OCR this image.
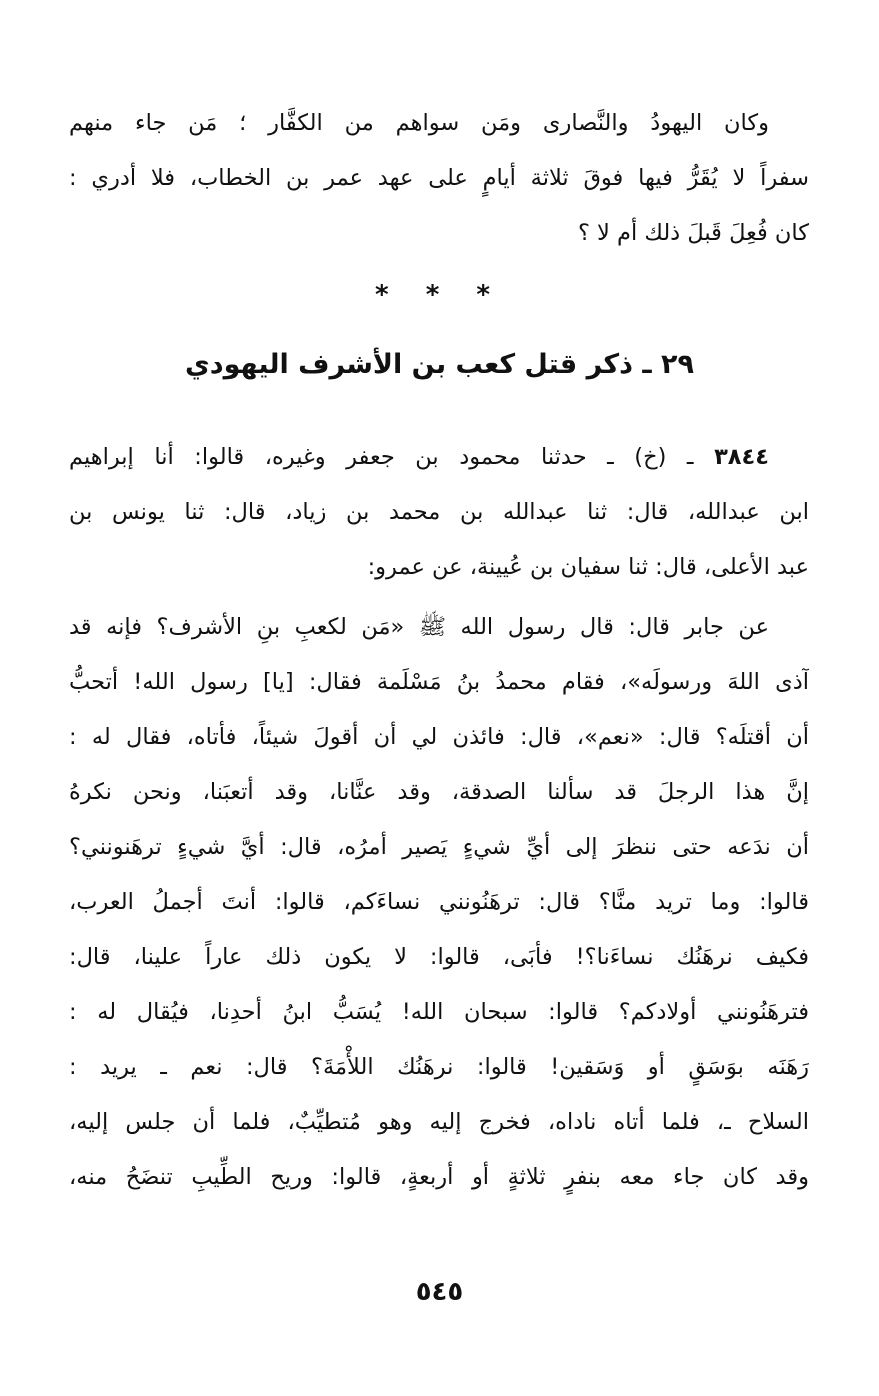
وكان اليهودُ والنَّصارى ومَن سواهم من الكفَّار ؛ مَن جاء منهم
سفراً لا يُقَرُّ فيها فوقَ ثلاثة أيامٍ على عهد عمر بن الخطاب، فلا أدري :
كان فُعِلَ قَبلَ ذلك أم لا ؟
* * *
٢٩ ـ ذكر قتل كعب بن الأشرف اليهودي
٣٨٤٤ ـ (خ) ـ حدثنا محمود بن جعفر وغيره، قالوا: أنا إبراهيم
ابن عبدالله، قال: ثنا عبدالله بن محمد بن زياد، قال: ثنا يونس بن
عبد الأعلى، قال: ثنا سفيان بن عُيينة، عن عمرو:
عن جابر قال: قال رسول الله ﷺ «مَن لكعبِ بنِ الأشرف؟ فإنه قد
آذى اللهَ ورسولَه»، فقام محمدُ بنُ مَسْلَمة فقال: [يا] رسول الله! أتحبُّ
أن أقتلَه؟ قال: «نعم»، قال: فائذن لي أن أقولَ شيئاً، فأتاه، فقال له :
إنَّ هذا الرجلَ قد سألنا الصدقة، وقد عنَّانا، وقد أتعبَنا، ونحن نكرهُ
أن ندَعه حتى ننظرَ إلى أيِّ شيءٍ يَصير أمرُه، قال: أيَّ شيءٍ ترهَنونني؟
قالوا: وما تريد منَّا؟ قال: ترهَنُونني نساءَكم، قالوا: أنتَ أجملُ العرب،
فكيف نرهَنُك نساءَنا؟! فأبَى، قالوا: لا يكون ذلك عاراً علينا، قال:
فترهَنُونني أولادكم؟ قالوا: سبحان الله! يُسَبُّ ابنُ أحدِنا، فيُقال له :
رَهَنَه بوَسَقٍ أو وَسَقين! قالوا: نرهَنُك اللأْمَةَ؟ قال: نعم ـ يريد :
السلاح ـ، فلما أتاه ناداه، فخرج إليه وهو مُتطيِّبٌ، فلما أن جلس إليه،
وقد كان جاء معه بنفرٍ ثلاثةٍ أو أربعةٍ، قالوا: وريح الطِّيبِ تنضَحُ منه،
٥٤٥
